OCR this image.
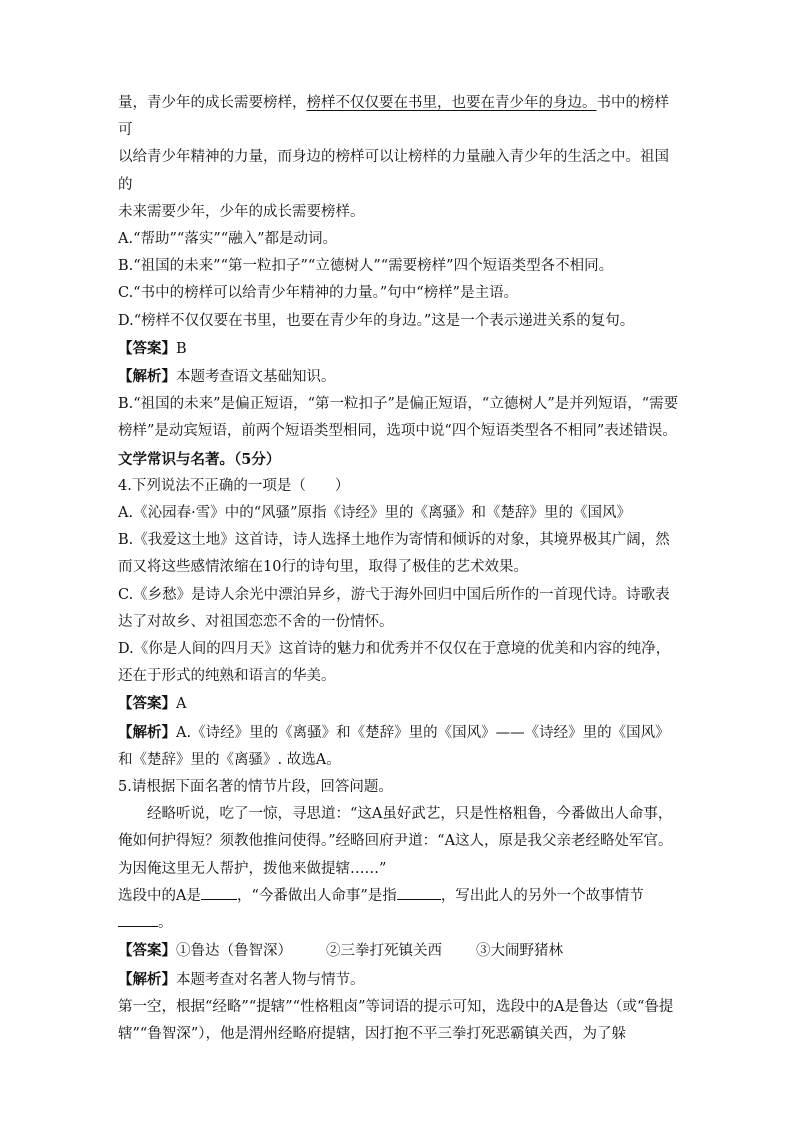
量，青少年的成长需要榜样，榜样不仅仅要在书里，也要在青少年的身边。书中的榜样可

以给青少年精神的力量，而身边的榜样可以让榜样的力量融入青少年的生活之中。祖国的

未来需要少年，少年的成长需要榜样。

A.“帮助”“落实”“融入”都是动词。

B.“祖国的未来”“第一粒扣子”“立德树人”“需要榜样”四个短语类型各不相同。

C.“书中的榜样可以给青少年精神的力量。”句中“榜样”是主语。

D.“榜样不仅仅要在书里，也要在青少年的身边。”这是一个表示递进关系的复句。

【答案】B

【解析】本题考查语文基础知识。

B.“祖国的未来”是偏正短语，“第一粒扣子”是偏正短语，“立德树人”是并列短语，“需要榜样”是动宾短语，前两个短语类型相同，选项中说“四个短语类型各不相同”表述错误。

文学常识与名著。（5分）

4.下列说法不正确的一项是（　　）

A.《沁园春·雪》中的“风骚”原指《诗经》里的《离骚》和《楚辞》里的《国风》

B.《我爱这土地》这首诗，诗人选择土地作为寄情和倾诉的对象，其境界极其广阔，然而又将这些感情浓缩在10行的诗句里，取得了极佳的艺术效果。

C.《乡愁》是诗人余光中漂泊异乡，游弋于海外回归中国后所作的一首现代诗。诗歌表达了对故乡、对祖国恋恋不舍的一份情怀。

D.《你是人间的四月天》这首诗的魅力和优秀并不仅仅在于意境的优美和内容的纯净，还在于形式的纯熟和语言的华美。

【答案】A

【解析】A.《诗经》里的《离骚》和《楚辞》里的《国风》——《诗经》里的《国风》和《楚辞》里的《离骚》. 故选A。

5.请根据下面名著的情节片段，回答问题。

经略听说，吃了一惊，寻思道：“这A虽好武艺，只是性格粗鲁，今番做出人命事，俺如何护得短？须教他推问使得。”经略回府尹道：“A这人，原是我父亲老经略处军官。为因俺这里无人帮护，拨他来做提辖……”

选段中的A是 ，“今番做出人命事”是指	，写出此人的另外一个故事情节。

【答案】①鲁达（鲁智深） ②三拳打死镇关西 ③大闹野猪林

【解析】本题考查对名著人物与情节。

第一空，根据“经略”“提辖”“性格粗卤”等词语的提示可知，选段中的A是鲁达（或“鲁提辖”“鲁智深”），他是渭州经略府提辖，因打抱不平三拳打死恶霸镇关西，为了躲
